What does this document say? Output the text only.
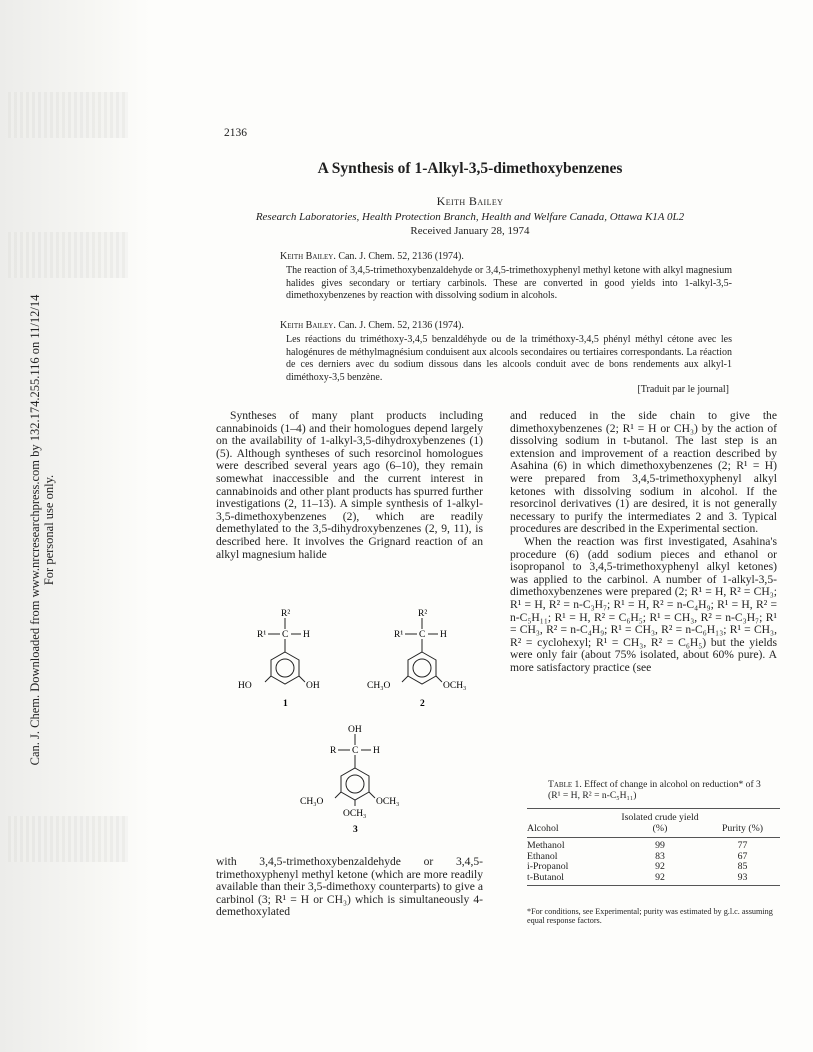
Can. J. Chem. Downloaded from www.nrcresearchpress.com by 132.174.255.116 on 11/12/14 For personal use only.
2136
A Synthesis of 1-Alkyl-3,5-dimethoxybenzenes
Keith Bailey
Research Laboratories, Health Protection Branch, Health and Welfare Canada, Ottawa K1A 0L2
Received January 28, 1974
Keith Bailey. Can. J. Chem. 52, 2136 (1974).

The reaction of 3,4,5-trimethoxybenzaldehyde or 3,4,5-trimethoxyphenyl methyl ketone with alkyl magnesium halides gives secondary or tertiary carbinols. These are converted in good yields into 1-alkyl-3,5-dimethoxybenzenes by reaction with dissolving sodium in alcohols.

Keith Bailey. Can. J. Chem. 52, 2136 (1974).

Les réactions du triméthoxy-3,4,5 benzaldéhyde ou de la triméthoxy-3,4,5 phényl méthyl cétone avec les halogénures de méthylmagnésium conduisent aux alcools secondaires ou tertiaires correspondants. La réaction de ces derniers avec du sodium dissous dans les alcools conduit avec de bons rendements aux alkyl-1 diméthoxy-3,5 benzène.

[Traduit par le journal]

Syntheses of many plant products including cannabinoids (1–4) and their homologues depend largely on the availability of 1-alkyl-3,5-dihydroxybenzenes (1) (5). Although syntheses of such resorcinol homologues were described several years ago (6–10), they remain somewhat inaccessible and the current interest in cannabinoids and other plant products has spurred further investigations (2, 11–13). A simple synthesis of 1-alkyl-3,5-dimethoxybenzenes (2), which are readily demethylated to the 3,5-dihydroxybenzenes (2, 9, 11), is described here. It involves the Grignard reaction of an alkyl magnesium halide

R²
R¹ C H
HO	OH
1
R²
R¹ C H
CH₃O	OCH₃
2
OH
R C H
CH₃O	OCH₃
OCH₃
3

with 3,4,5-trimethoxybenzaldehyde or 3,4,5-trimethoxyphenyl methyl ketone (which are more readily available than their 3,5-dimethoxy counterparts) to give a carbinol (3; R¹ = H or CH₃) which is simultaneously 4-demethoxylated

and reduced in the side chain to give the dimethoxybenzenes (2; R¹ = H or CH₃) by the action of dissolving sodium in t-butanol. The last step is an extension and improvement of a reaction described by Asahina (6) in which dimethoxybenzenes (2; R¹ = H) were prepared from 3,4,5-trimethoxyphenyl alkyl ketones with dissolving sodium in alcohol. If the resorcinol derivatives (1) are desired, it is not generally necessary to purify the intermediates 2 and 3. Typical procedures are described in the Experimental section.

When the reaction was first investigated, Asahina's procedure (6) (add sodium pieces and ethanol or isopropanol to 3,4,5-trimethoxyphenyl alkyl ketones) was applied to the carbinol. A number of 1-alkyl-3,5-dimethoxybenzenes were prepared (2; R¹ = H, R² = CH₃; R¹ = H, R² = n-C₃H₇; R¹ = H, R² = n-C₄H₉; R¹ = H, R² = n-C₅H₁₁; R¹ = H, R² = C₆H₅; R¹ = CH₃, R² = n-C₃H₇; R¹ = CH₃, R² = n-C₄H₉; R¹ = CH₃, R² = n-C₆H₁₃; R¹ = CH₃, R² = cyclohexyl; R¹ = CH₃, R² = C₆H₅) but the yields were only fair (about 75% isolated, about 60% pure). A more satisfactory practice (see

Table 1. Effect of change in alcohol on reduction* of 3 (R¹ = H, R² = n-C₅H₁₁)
Alcohol
Isolated crude yield (%)	Purity (%)
Methanol	99	77
Ethanol	83	67
i-Propanol	92	85
t-Butanol	92	93
*For conditions, see Experimental; purity was estimated by g.l.c. assuming equal response factors.
